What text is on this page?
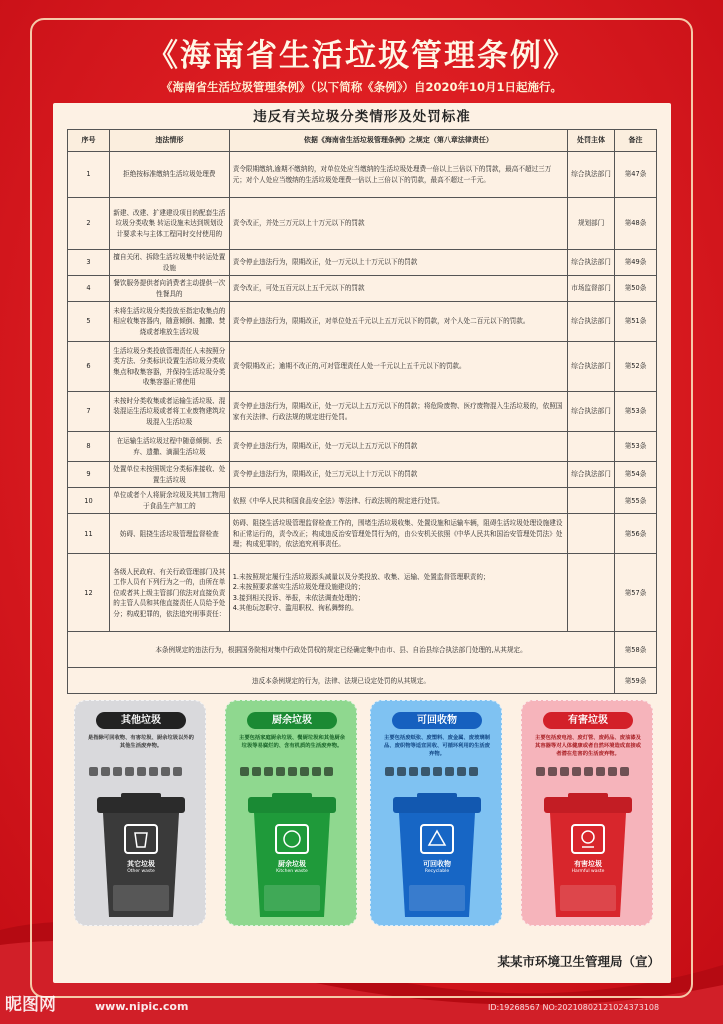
《海南省生活垃圾管理条例》
《海南省生活垃圾管理条例》（以下简称《条例》）自2020年10月1日起施行。
违反有关垃圾分类情形及处罚标准
序号	违法情形	依据《海南省生活垃圾管理条例》之规定（第八章法律责任）	处罚主体	备注
1	拒绝按标准缴纳生活垃圾处理费	责令限期缴纳,逾期不缴纳的，对单位处应当缴纳的生活垃圾处理费一倍以上三倍以下的罚款，最高不超过三万元；对个人处应当缴纳的生活垃圾处理费一倍以上三倍以下的罚款，最高不超过一千元。	综合执法部门	第47条
2	新建、改建、扩建建设项目的配套生活垃圾分类收集 转运设施未达到规划设计要求未与主体工程同时交付使用的	责令改正，并处三万元以上十万元以下的罚款	规划部门	第48条
3	擅自关闭、拆除生活垃圾集中转运处置设施	责令停止违法行为，限期改正，处一万元以上十万元以下的罚款	综合执法部门	第49条
4	餐饮服务提供者向消费者主动提供一次性餐具的	责令改正，可处五百元以上五千元以下的罚款	市场监督部门	第50条
5	未将生活垃圾分类投放至指定收集点的相应收集容器内，随意倾倒、抛撒、焚烧或者堆放生活垃圾	责令停止违法行为，限期改正，对单位处五千元以上五万元以下的罚款，对个人处二百元以下的罚款。	综合执法部门	第51条
6	生活垃圾分类投放管理责任人未按照分类方法、分类标识设置生活垃圾分类收集点和收集容器，并保持生活垃圾分类收集容器正常使用	责令限期改正；逾期不改正的,可对管理责任人处一千元以上五千元以下的罚款。	综合执法部门	第52条
7	未按时分类收集或者运输生活垃圾、混装混运生活垃圾或者将工业废物建筑垃圾混入生活垃圾	责令停止违法行为，限期改正，处一万元以上五万元以下的罚款；将危险废物、医疗废物混入生活垃圾的，依照国家有关法律、行政法规的规定进行处罚。	综合执法部门	第53条
8	在运输生活垃圾过程中随意倾倒、丢弃、遗撒、滴漏生活垃圾	责令停止违法行为，限期改正，处一万元以上五万元以下的罚款		第53条
9	处置单位未按照规定分类标准接收、处置生活垃圾	责令停止违法行为，限期改正，处三万元以上十万元以下的罚款	综合执法部门	第54条
10	单位或者个人将厨余垃圾及其加工物用于食品生产加工的	依照《中华人民共和国食品安全法》等法律、行政法规的规定进行处罚。		第55条
11	妨碍、阻挠生活垃圾管理监督检查	妨碍、阻挠生活垃圾管理监督检查工作的，围堵生活垃圾收集、处置设施和运输车辆，阻碍生活垃圾处理设施建设和正常运行的，责令改正；构成违反治安管理处罚行为的，由公安机关依照《中华人民共和国治安管理处罚法》处理；构成犯罪的，依法追究刑事责任。		第56条
12	各级人民政府、有关行政管理部门及其工作人员有下列行为之一的，由所在单位或者其上级主管部门依法对直接负责的主管人员和其他直接责任人员给予处分；构成犯罪的，依法追究刑事责任：	1.未按照规定履行生活垃圾源头减量以及分类投放、收集、运输、处置监督管理职责的；
2.未按照要求落实生活垃圾处理设施建设的；
3.接到相关投诉、举报，未依法调查处理的；
4.其他玩忽职守、滥用职权、徇私舞弊的。		第57条
本条例规定的违法行为，根据国务院相对集中行政处罚权的规定已经确定集中由市、县、自治县综合执法部门处理的,从其规定。				第58条
违反本条例规定的行为，法律、法规已设定处罚的从其规定。				第59条
其他垃圾
是指除可回收物、有害垃圾、厨余垃圾以外的其他生活废弃物。
其它垃圾
Other waste
厨余垃圾
主要包括家庭厨余垃圾、餐厨垃圾和其他厨余垃圾等易腐烂的、含有机质的生活废弃物。
厨余垃圾
Kitchen waste
可回收物
主要包括废纸张、废塑料、废金属、废玻璃制品、废织物等适宜回收、可循环利用的生活废弃物。
可回收物
Recyclable
有害垃圾
主要包括废电池、废灯管、废药品、废油漆及其容器等对人体健康或者自然环境造成直接或者潜在危害的生活废弃物。
有害垃圾
Harmful waste
某某市环境卫生管理局（宣）
昵图网	www.nipic.com	ID:19268567 NO:20210802121024373108
